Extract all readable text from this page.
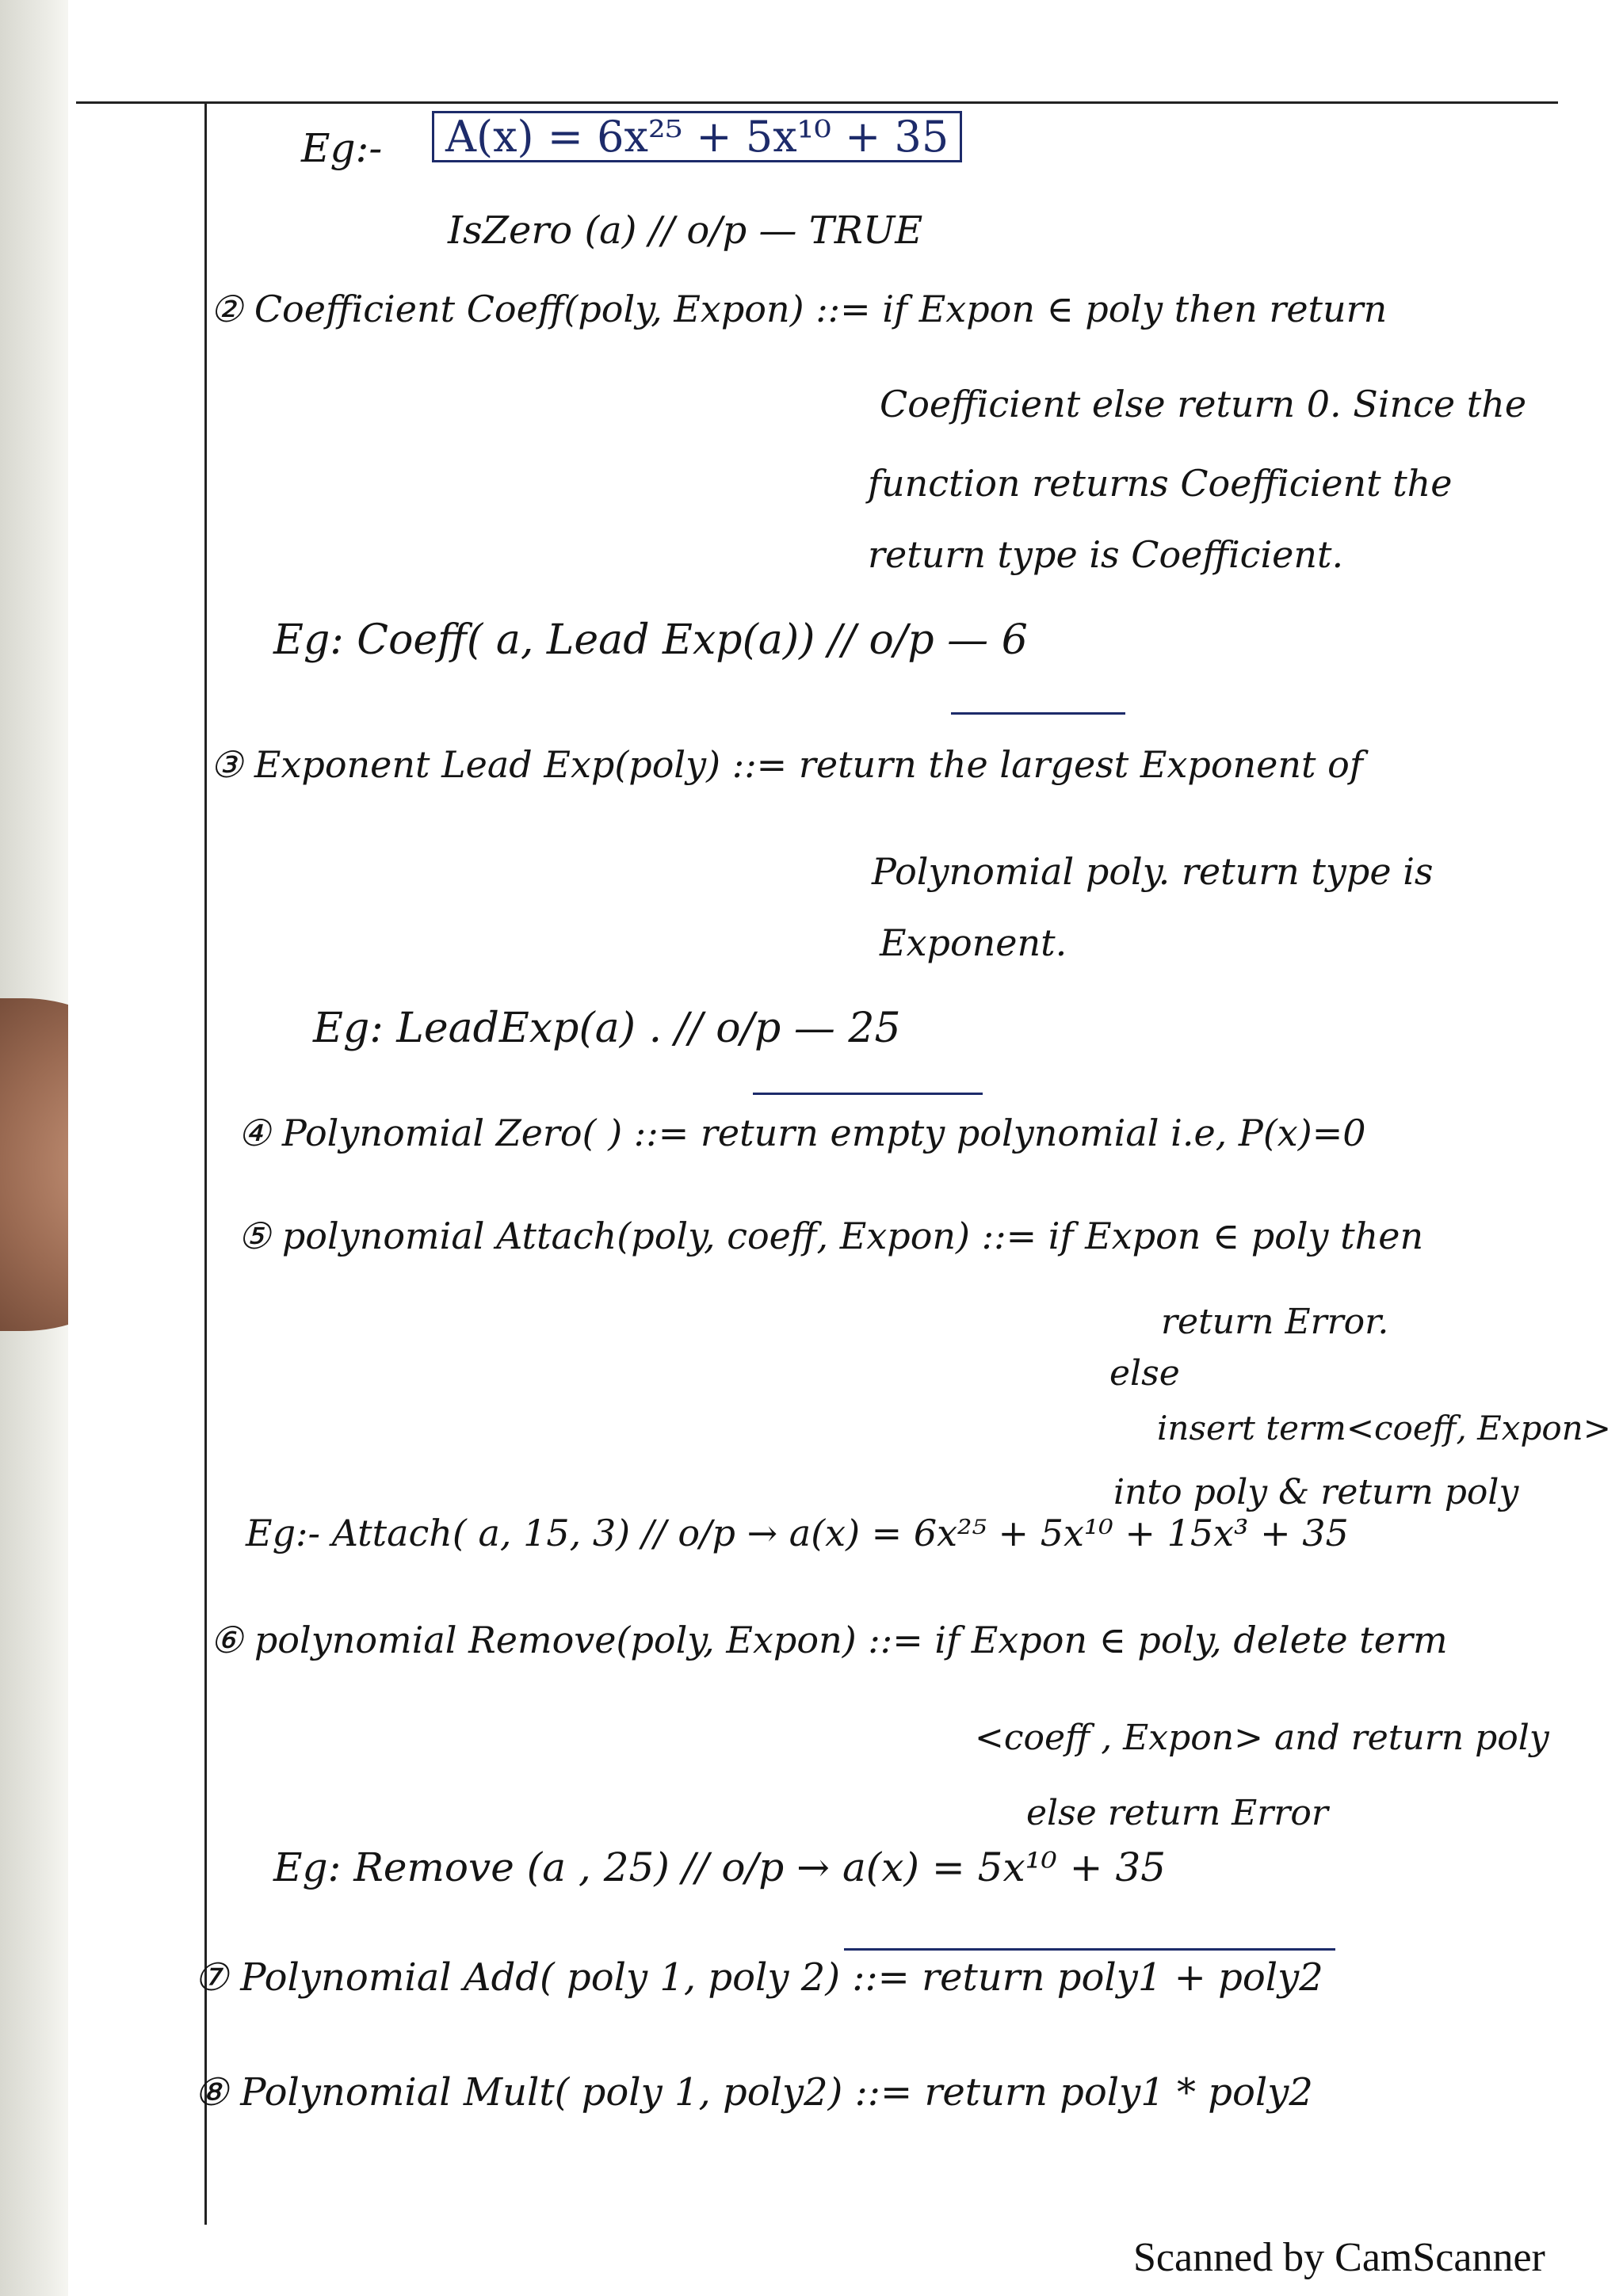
Eg:-	A(x) = 6x²⁵ + 5x¹⁰ + 35
IsZero (a) // o/p — TRUE
② Coefficient Coeff(poly, Expon) ::= if Expon ∈ poly then return
Coefficient else return 0. Since the
function returns Coefficient the
return type is Coefficient.
Eg: Coeff( a, Lead Exp(a)) // o/p — 6
③ Exponent Lead Exp(poly) ::= return the largest Exponent of
Polynomial poly. return type is
Exponent.
Eg: LeadExp(a) . // o/p — 25
④ Polynomial Zero( ) ::= return empty polynomial i.e, P(x)=0
⑤ polynomial Attach(poly, coeff, Expon) ::= if Expon ∈ poly then
return Error.
else
insert term<coeff, Expon>
into poly & return poly
Eg:- Attach( a, 15, 3) // o/p → a(x) = 6x²⁵ + 5x¹⁰ + 15x³ + 35
⑥ polynomial Remove(poly, Expon) ::= if Expon ∈ poly, delete term
<coeff , Expon> and return poly
else return Error
Eg: Remove (a , 25) // o/p → a(x) = 5x¹⁰ + 35
⑦ Polynomial Add( poly 1, poly 2) ::= return poly1 + poly2
⑧ Polynomial Mult( poly 1, poly2) ::= return poly1 * poly2
Scanned by CamScanner
